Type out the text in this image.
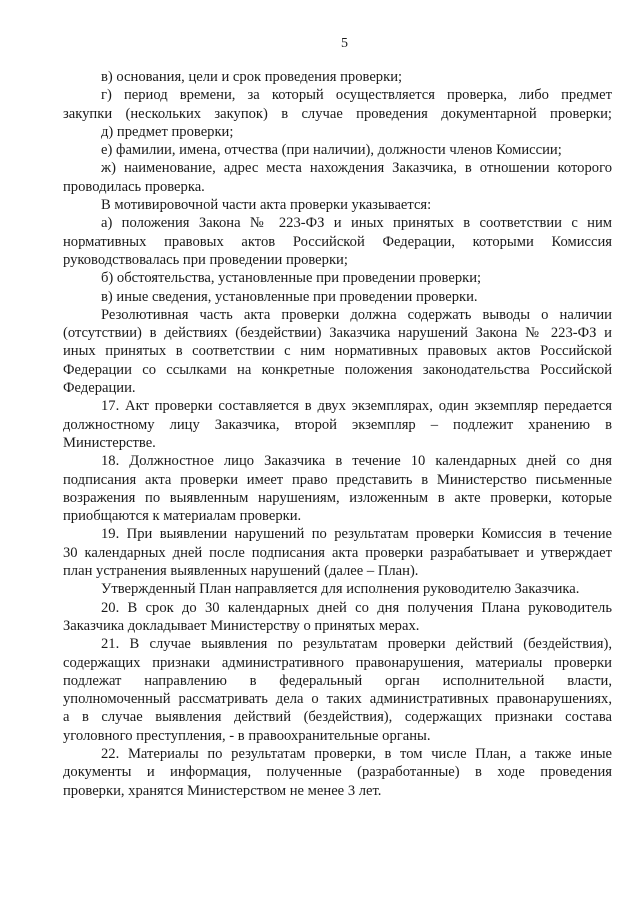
5

в) основания, цели и срок проведения проверки;

г) период времени, за который осуществляется проверка, либо предмет

закупки (нескольких закупок) в случае проведения документарной проверки;

д) предмет проверки;

е) фамилии, имена, отчества (при наличии), должности членов Комиссии;

ж) наименование, адрес места нахождения Заказчика, в отношении которого

проводилась проверка.

В мотивировочной части акта проверки указывается:

а) положения Закона № 223-ФЗ и иных принятых в соответствии с ним

нормативных правовых актов Российской Федерации, которыми Комиссия

руководствовалась при проведении проверки;

б) обстоятельства, установленные при проведении проверки;

в) иные сведения, установленные при проведении проверки.

Резолютивная часть акта проверки должна содержать выводы о наличии

(отсутствии) в действиях (бездействии) Заказчика нарушений Закона № 223-ФЗ и

иных принятых в соответствии с ним нормативных правовых актов Российской

Федерации со ссылками на конкретные положения законодательства Российской

Федерации.

17. Акт проверки составляется в двух экземплярах, один экземпляр передается

должностному лицу Заказчика, второй экземпляр – подлежит хранению в

Министерстве.

18. Должностное лицо Заказчика в течение 10 календарных дней со дня

подписания акта проверки имеет право представить в Министерство письменные

возражения по выявленным нарушениям, изложенным в акте проверки, которые

приобщаются к материалам проверки.

19. При выявлении нарушений по результатам проверки Комиссия в течение

30 календарных дней после подписания акта проверки разрабатывает и утверждает

план устранения выявленных нарушений (далее – План).

Утвержденный План направляется для исполнения руководителю Заказчика.

20. В срок до 30 календарных дней со дня получения Плана руководитель

Заказчика докладывает Министерству о принятых мерах.

21. В случае выявления по результатам проверки действий (бездействия),

содержащих признаки административного правонарушения, материалы проверки

подлежат направлению в федеральный орган исполнительной власти,

уполномоченный рассматривать дела о таких административных правонарушениях,

а в случае выявления действий (бездействия), содержащих признаки состава

уголовного преступления, - в правоохранительные органы.

22. Материалы по результатам проверки, в том числе План, а также иные

документы и информация, полученные (разработанные) в ходе проведения

проверки, хранятся Министерством не менее 3 лет.
